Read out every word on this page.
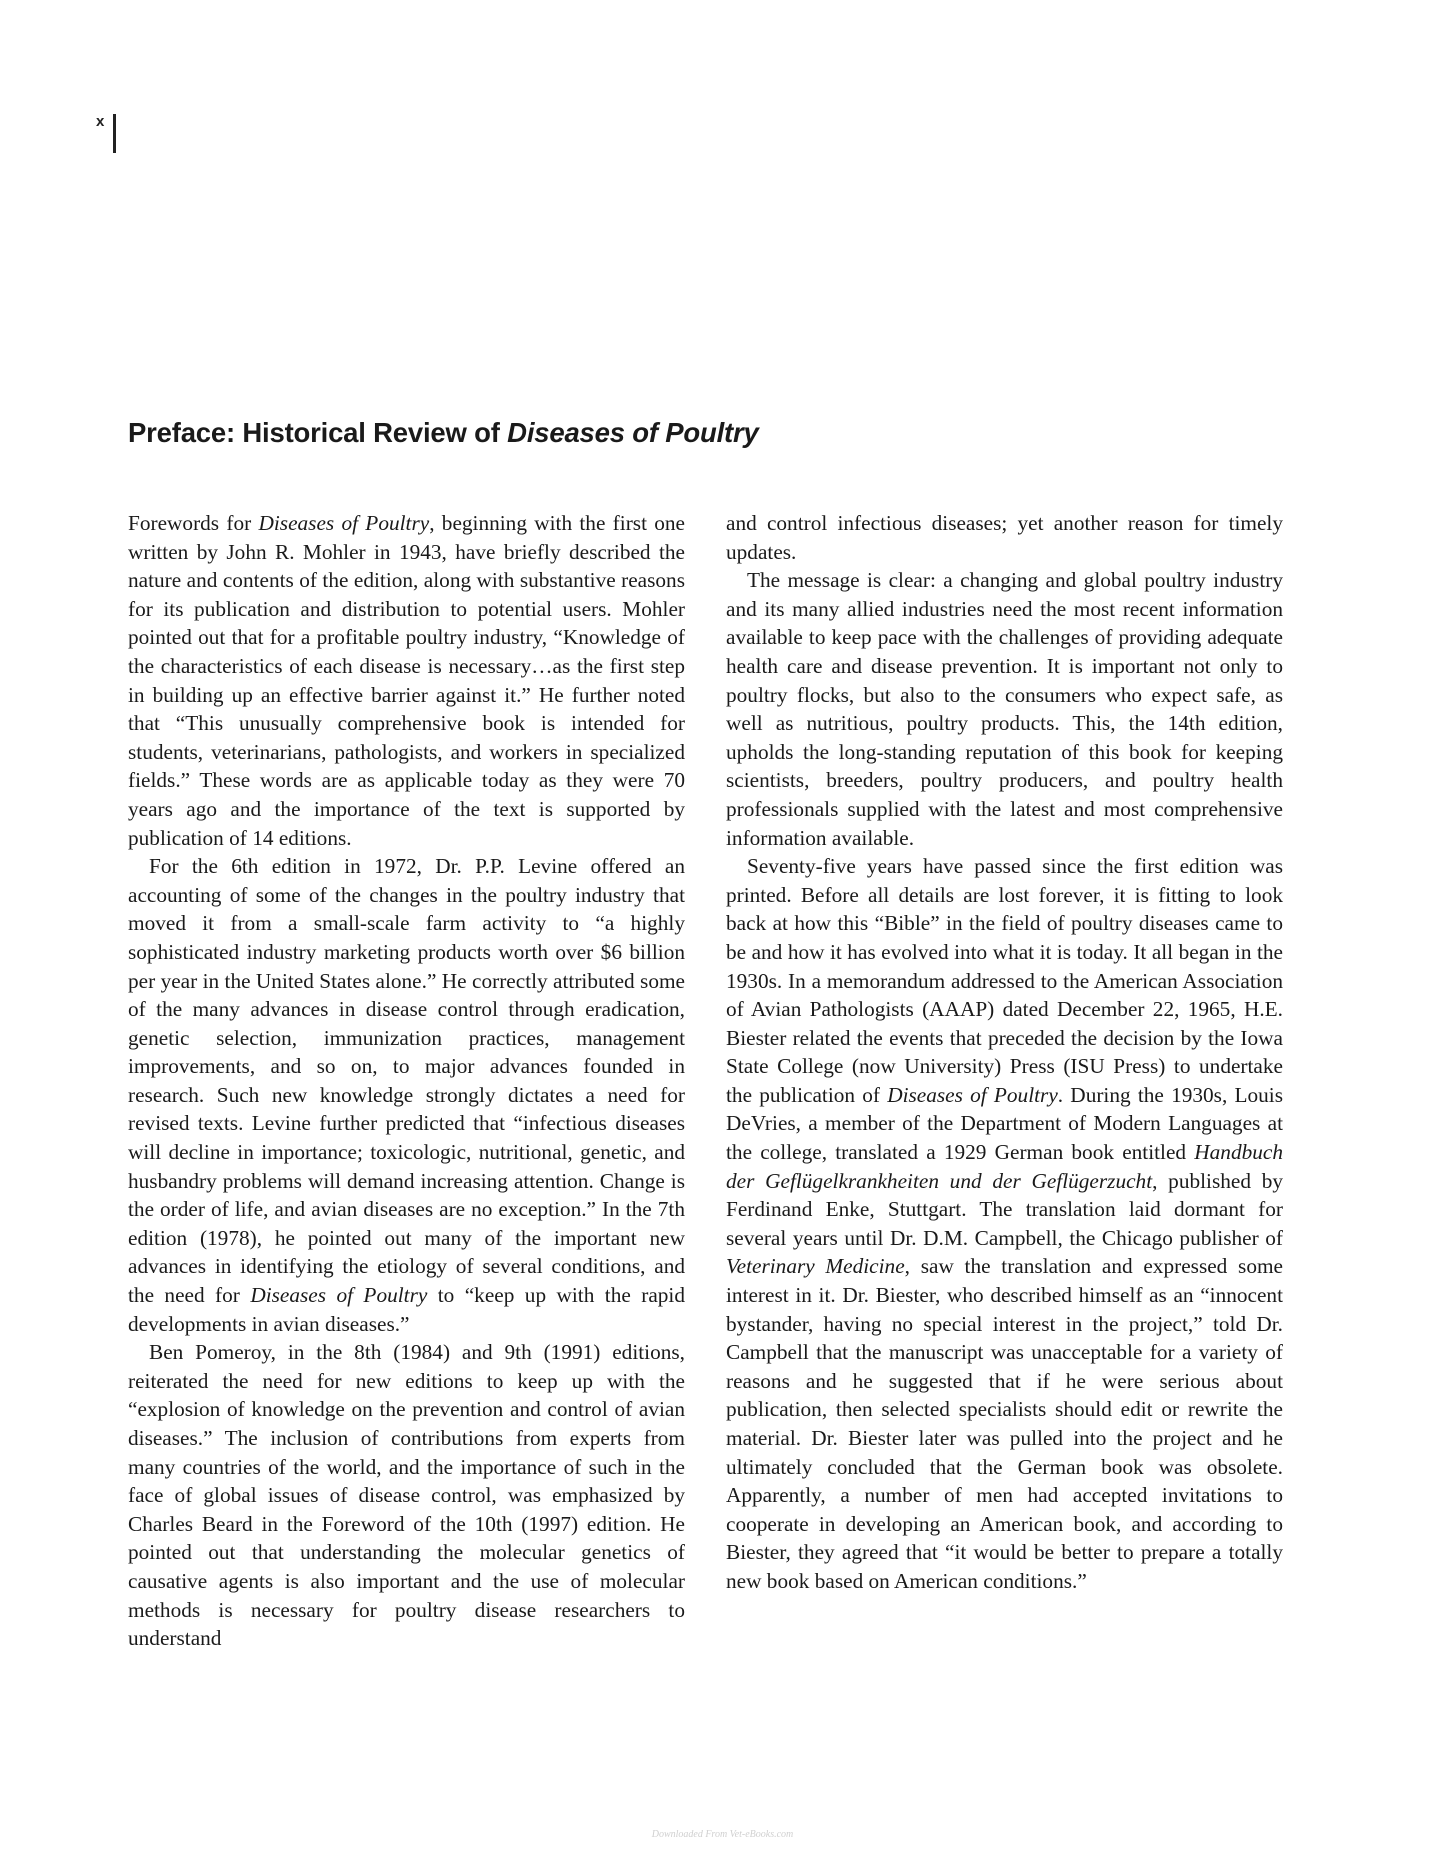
x
Preface: Historical Review of Diseases of Poultry

Forewords for Diseases of Poultry, beginning with the first one written by John R. Mohler in 1943, have briefly described the nature and contents of the edition, along with substantive reasons for its publication and distribution to potential users. Mohler pointed out that for a profitable poultry industry, “Knowledge of the characteristics of each disease is necessary…as the first step in building up an effective barrier against it.” He further noted that “This unusually comprehensive book is intended for students, veterinarians, pathologists, and workers in specialized fields.” These words are as applicable today as they were 70 years ago and the importance of the text is supported by publication of 14 editions.

For the 6th edition in 1972, Dr. P.P. Levine offered an accounting of some of the changes in the poultry industry that moved it from a small-scale farm activity to “a highly sophisticated industry marketing products worth over $6 billion per year in the United States alone.” He correctly attributed some of the many advances in disease control through eradication, genetic selection, immunization practices, management improvements, and so on, to major advances founded in research. Such new knowledge strongly dictates a need for revised texts. Levine further predicted that “infectious diseases will decline in importance; toxicologic, nutritional, genetic, and husbandry problems will demand increasing attention. Change is the order of life, and avian diseases are no exception.” In the 7th edition (1978), he pointed out many of the important new advances in identifying the etiology of several conditions, and the need for Diseases of Poultry to “keep up with the rapid developments in avian diseases.”

Ben Pomeroy, in the 8th (1984) and 9th (1991) editions, reiterated the need for new editions to keep up with the “explosion of knowledge on the prevention and control of avian diseases.” The inclusion of contributions from experts from many countries of the world, and the importance of such in the face of global issues of disease control, was emphasized by Charles Beard in the Foreword of the 10th (1997) edition. He pointed out that understanding the molecular genetics of causative agents is also important and the use of molecular methods is necessary for poultry disease researchers to understand

and control infectious diseases; yet another reason for timely updates.

The message is clear: a changing and global poultry industry and its many allied industries need the most recent information available to keep pace with the challenges of providing adequate health care and disease prevention. It is important not only to poultry flocks, but also to the consumers who expect safe, as well as nutritious, poultry products. This, the 14th edition, upholds the long-standing reputation of this book for keeping scientists, breeders, poultry producers, and poultry health professionals supplied with the latest and most comprehensive information available.

Seventy-five years have passed since the first edition was printed. Before all details are lost forever, it is fitting to look back at how this “Bible” in the field of poultry diseases came to be and how it has evolved into what it is today. It all began in the 1930s. In a memorandum addressed to the American Association of Avian Pathologists (AAAP) dated December 22, 1965, H.E. Biester related the events that preceded the decision by the Iowa State College (now University) Press (ISU Press) to undertake the publication of Diseases of Poultry. During the 1930s, Louis DeVries, a member of the Department of Modern Languages at the college, translated a 1929 German book entitled Handbuch der Geflügelkrankheiten und der Geflügerzucht, published by Ferdinand Enke, Stuttgart. The translation laid dormant for several years until Dr. D.M. Campbell, the Chicago publisher of Veterinary Medicine, saw the translation and expressed some interest in it. Dr. Biester, who described himself as an “innocent bystander, having no special interest in the project,” told Dr. Campbell that the manuscript was unacceptable for a variety of reasons and he suggested that if he were serious about publication, then selected specialists should edit or rewrite the material. Dr. Biester later was pulled into the project and he ultimately concluded that the German book was obsolete. Apparently, a number of men had accepted invitations to cooperate in developing an American book, and according to Biester, they agreed that “it would be better to prepare a totally new book based on American conditions.”

Downloaded From Vet-eBooks.com
